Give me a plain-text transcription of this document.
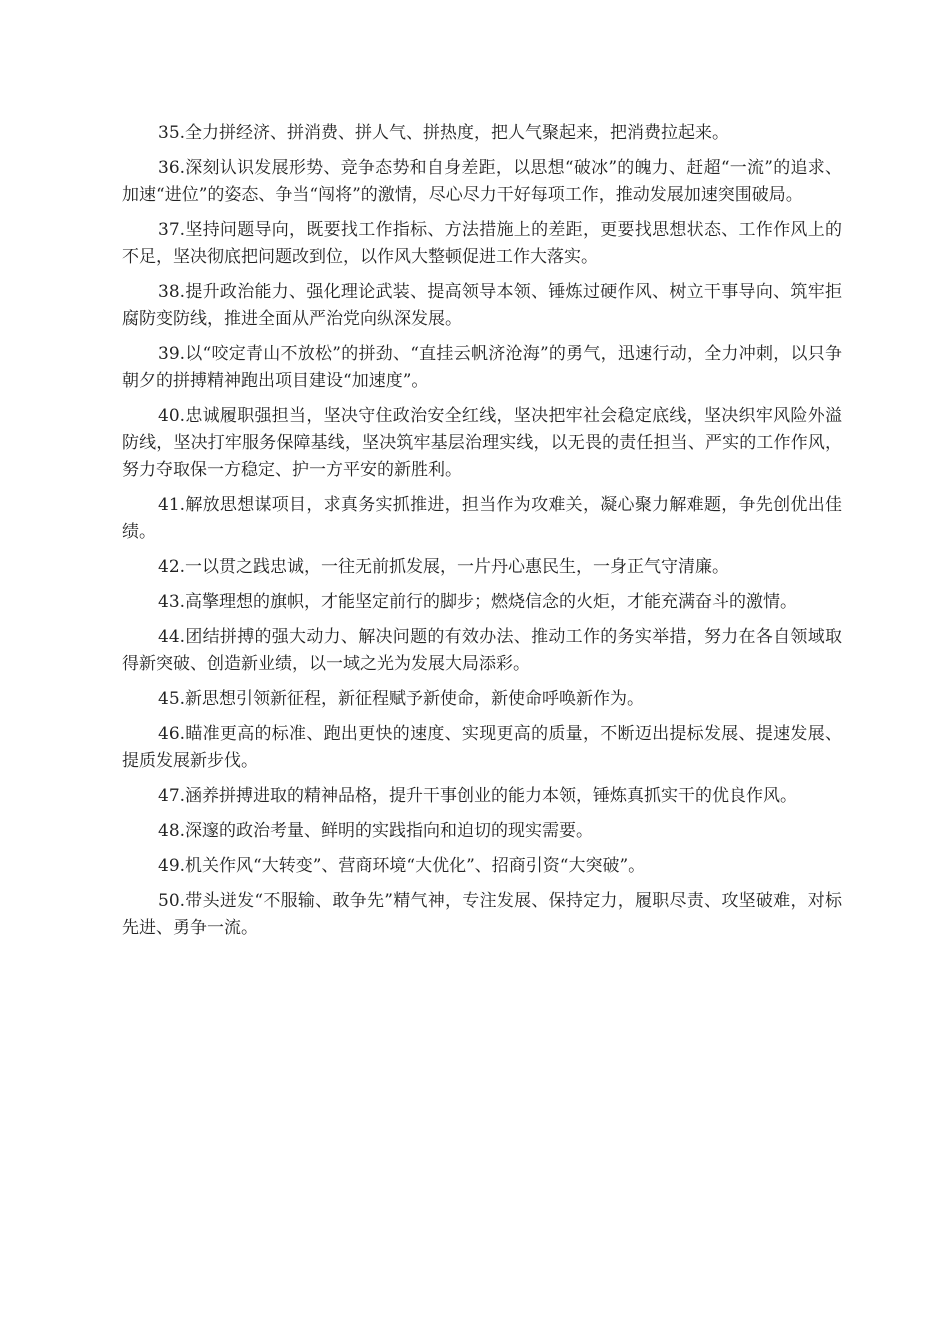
35.全力拼经济、拼消费、拼人气、拼热度，把人气聚起来，把消费拉起来。

36.深刻认识发展形势、竞争态势和自身差距，以思想“破冰”的魄力、赶超“一流”的追求、加速“进位”的姿态、争当“闯将”的激情，尽心尽力干好每项工作，推动发展加速突围破局。

37.坚持问题导向，既要找工作指标、方法措施上的差距，更要找思想状态、工作作风上的不足，坚决彻底把问题改到位，以作风大整顿促进工作大落实。

38.提升政治能力、强化理论武装、提高领导本领、锤炼过硬作风、树立干事导向、筑牢拒腐防变防线，推进全面从严治党向纵深发展。

39.以“咬定青山不放松”的拼劲、“直挂云帆济沧海”的勇气，迅速行动，全力冲刺，以只争朝夕的拼搏精神跑出项目建设“加速度”。

40.忠诚履职强担当，坚决守住政治安全红线，坚决把牢社会稳定底线，坚决织牢风险外溢防线，坚决打牢服务保障基线，坚决筑牢基层治理实线，以无畏的责任担当、严实的工作作风，努力夺取保一方稳定、护一方平安的新胜利。

41.解放思想谋项目，求真务实抓推进，担当作为攻难关，凝心聚力解难题，争先创优出佳绩。

42.一以贯之践忠诚，一往无前抓发展，一片丹心惠民生，一身正气守清廉。

43.高擎理想的旗帜，才能坚定前行的脚步；燃烧信念的火炬，才能充满奋斗的激情。

44.团结拼搏的强大动力、解决问题的有效办法、推动工作的务实举措，努力在各自领域取得新突破、创造新业绩，以一域之光为发展大局添彩。

45.新思想引领新征程，新征程赋予新使命，新使命呼唤新作为。

46.瞄准更高的标准、跑出更快的速度、实现更高的质量，不断迈出提标发展、提速发展、提质发展新步伐。

47.涵养拼搏进取的精神品格，提升干事创业的能力本领，锤炼真抓实干的优良作风。

48.深邃的政治考量、鲜明的实践指向和迫切的现实需要。

49.机关作风“大转变”、营商环境“大优化”、招商引资“大突破”。

50.带头迸发“不服输、敢争先”精气神，专注发展、保持定力，履职尽责、攻坚破难，对标先进、勇争一流。
